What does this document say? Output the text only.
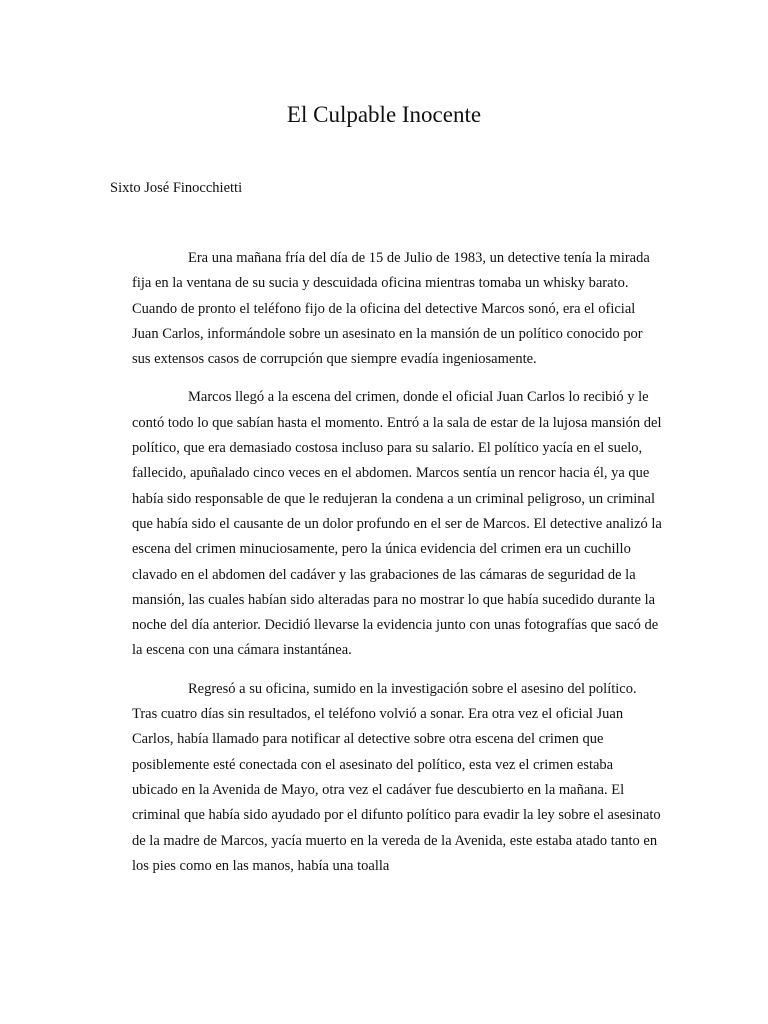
El Culpable Inocente

Sixto José Finocchietti

Era una mañana fría del día de 15 de Julio de 1983, un detective tenía la mirada fija en la ventana de su sucia y descuidada oficina mientras tomaba un whisky barato. Cuando de pronto el teléfono fijo de la oficina del detective Marcos sonó, era el oficial Juan Carlos, informándole sobre un asesinato en la mansión de un político conocido por sus extensos casos de corrupción que siempre evadía ingeniosamente.

Marcos llegó a la escena del crimen, donde el oficial Juan Carlos lo recibió y le contó todo lo que sabían hasta el momento. Entró a la sala de estar de la lujosa mansión del político, que era demasiado costosa incluso para su salario. El político yacía en el suelo, fallecido, apuñalado cinco veces en el abdomen. Marcos sentía un rencor hacia él, ya que había sido responsable de que le redujeran la condena a un criminal peligroso, un criminal que había sido el causante de un dolor profundo en el ser de Marcos. El detective analizó la escena del crimen minuciosamente, pero la única evidencia del crimen era un cuchillo clavado en el abdomen del cadáver y las grabaciones de las cámaras de seguridad de la mansión, las cuales habían sido alteradas para no mostrar lo que había sucedido durante la noche del día anterior. Decidió llevarse la evidencia junto con unas fotografías que sacó de la escena con una cámara instantánea.

Regresó a su oficina, sumido en la investigación sobre el asesino del político. Tras cuatro días sin resultados, el teléfono volvió a sonar. Era otra vez el oficial Juan Carlos, había llamado para notificar al detective sobre otra escena del crimen que posiblemente esté conectada con el asesinato del político, esta vez el crimen estaba ubicado en la Avenida de Mayo, otra vez el cadáver fue descubierto en la mañana. El criminal que había sido ayudado por el difunto político para evadir la ley sobre el asesinato de la madre de Marcos, yacía muerto en la vereda de la Avenida, este estaba atado tanto en los pies como en las manos, había una toalla
